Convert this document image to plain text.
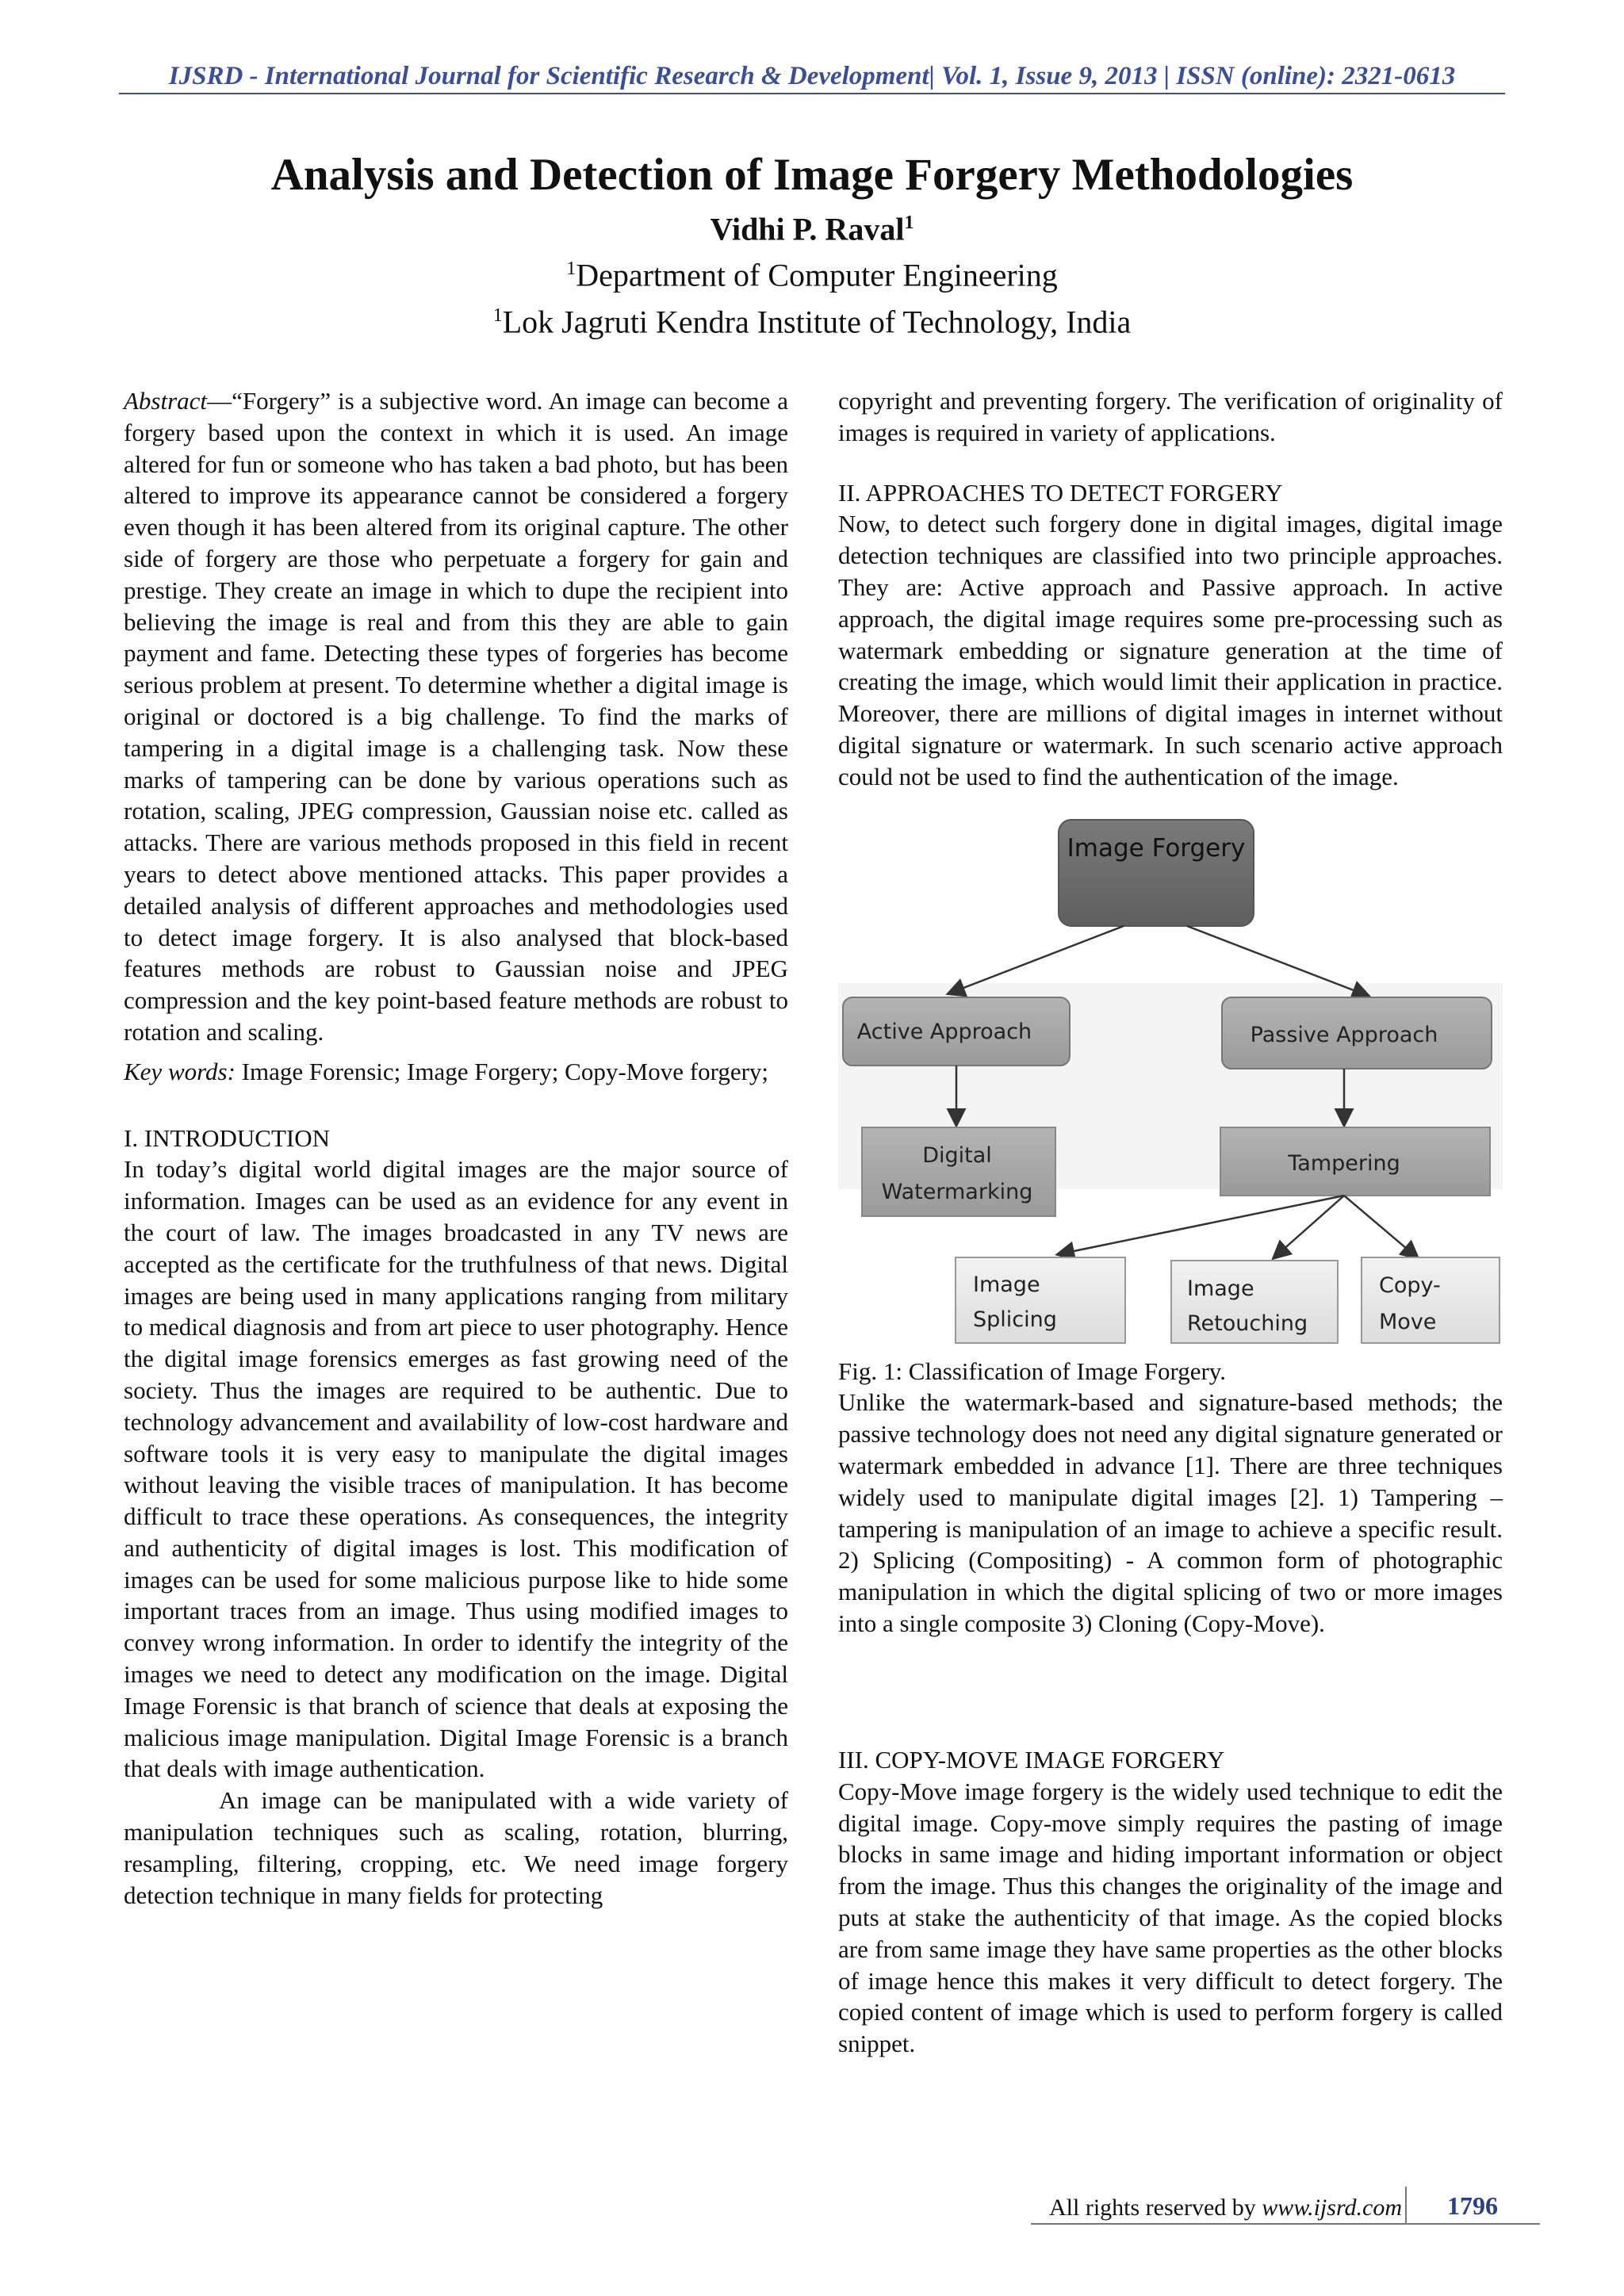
IJSRD - International Journal for Scientific Research & Development| Vol. 1, Issue 9, 2013 | ISSN (online): 2321-0613
Analysis and Detection of Image Forgery Methodologies
Vidhi P. Raval$^1$
$^1$Department of Computer Engineering
$^1$Lok Jagruti Kendra Institute of Technology, India

Abstract—“Forgery” is a subjective word. An image can become a forgery based upon the context in which it is used. An image altered for fun or someone who has taken a bad photo, but has been altered to improve its appearance cannot be considered a forgery even though it has been altered from its original capture. The other side of forgery are those who perpetuate a forgery for gain and prestige. They create an image in which to dupe the recipient into believing the image is real and from this they are able to gain payment and fame. Detecting these types of forgeries has become serious problem at present. To determine whether a digital image is original or doctored is a big challenge. To find the marks of tampering in a digital image is a challenging task. Now these marks of tampering can be done by various operations such as rotation, scaling, JPEG compression, Gaussian noise etc. called as attacks. There are various methods proposed in this field in recent years to detect above mentioned attacks. This paper provides a detailed analysis of different approaches and methodologies used to detect image forgery. It is also analysed that block-based features methods are robust to Gaussian noise and JPEG compression and the key point-based feature methods are robust to rotation and scaling.

Key words: Image Forensic; Image Forgery; Copy-Move forgery;

I. INTRODUCTION

In today’s digital world digital images are the major source of information. Images can be used as an evidence for any event in the court of law. The images broadcasted in any TV news are accepted as the certificate for the truthfulness of that news. Digital images are being used in many applications ranging from military to medical diagnosis and from art piece to user photography. Hence the digital image forensics emerges as fast growing need of the society. Thus the images are required to be authentic. Due to technology advancement and availability of low-cost hardware and software tools it is very easy to manipulate the digital images without leaving the visible traces of manipulation. It has become difficult to trace these operations. As consequences, the integrity and authenticity of digital images is lost. This modification of images can be used for some malicious purpose like to hide some important traces from an image. Thus using modified images to convey wrong information. In order to identify the integrity of the images we need to detect any modification on the image. Digital Image Forensic is that branch of science that deals at exposing the malicious image manipulation. Digital Image Forensic is a branch that deals with image authentication.

An image can be manipulated with a wide variety of manipulation techniques such as scaling, rotation, blurring, resampling, filtering, cropping, etc. We need image forgery detection technique in many fields for protecting

copyright and preventing forgery. The verification of originality of images is required in variety of applications.

II. APPROACHES TO DETECT FORGERY

Now, to detect such forgery done in digital images, digital image detection techniques are classified into two principle approaches. They are: Active approach and Passive approach. In active approach, the digital image requires some pre-processing such as watermark embedding or signature generation at the time of creating the image, which would limit their application in practice. Moreover, there are millions of digital images in internet without digital signature or watermark. In such scenario active approach could not be used to find the authentication of the image.

Image Forgery
Active Approach	Passive Approach
Digital
Watermarking
Tampering
Image
Splicing
Image
Retouching
Copy-
Move

Fig. 1: Classification of Image Forgery.

Unlike the watermark-based and signature-based methods; the passive technology does not need any digital signature generated or watermark embedded in advance [1]. There are three techniques widely used to manipulate digital images [2]. 1) Tampering – tampering is manipulation of an image to achieve a specific result. 2) Splicing (Compositing) - A common form of photographic manipulation in which the digital splicing of two or more images into a single composite 3) Cloning (Copy-Move).

III. COPY-MOVE IMAGE FORGERY

Copy-Move image forgery is the widely used technique to edit the digital image. Copy-move simply requires the pasting of image blocks in same image and hiding important information or object from the image. Thus this changes the originality of the image and puts at stake the authenticity of that image. As the copied blocks are from same image they have same properties as the other blocks of image hence this makes it very difficult to detect forgery. The copied content of image which is used to perform forgery is called snippet.

All rights reserved by www.ijsrd.com	1796
